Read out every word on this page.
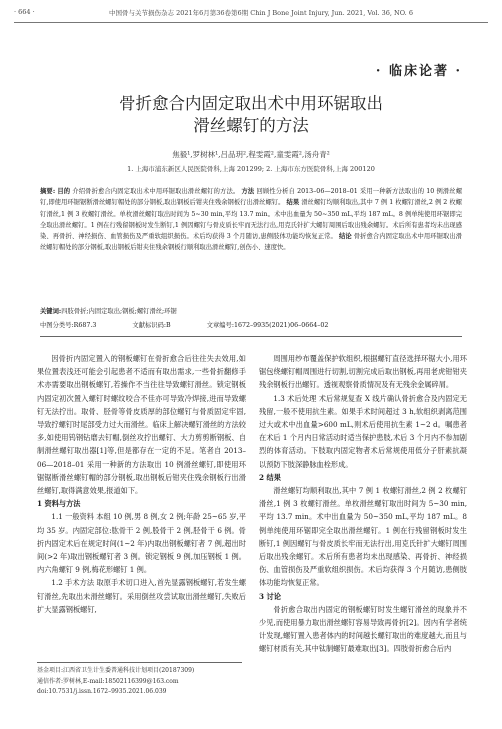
· 664 ·	中国骨与关节损伤杂志 2021年6月第36卷第6期 Chin J Bone Joint Injury, Jun. 2021, Vol. 36, NO. 6
· 临床论著 ·
骨折愈合内固定取出术中用环锯取出
滑丝螺钉的方法
焦毅¹,罗树林¹,吕品玥²,程雯霞²,童雯霞²,汤舟青²
1. 上海市浦东新区人民医院骨科,上海 201299; 2. 上海市东方医院骨科,上海 200120
摘要: 目的 介绍骨折愈合内固定取出术中用环锯取出滑丝螺钉的方法。 方法 回顾性分析自 2013–06—2018–01 采用一种新方法取出的 10 例滑丝螺钉,即使用环锯锯断滑丝螺钉帽处的部分钢板,取出钢板后钳夹住残余钢板行出滑丝螺钉。 结果 滑丝螺钉均顺利取出,其中 7 例 1 枚螺钉滑丝,2 例 2 枚螺钉滑丝,1 例 3 枚螺钉滑丝。单枚滑丝螺钉取出时间为 5~30 min,平均 13.7 min。术中出血量为 50~350 mL,平均 187 mL。8 例单纯使用环锯即完全取出滑丝螺钉。1 例在行残留钢板时发生断钉,1 例因螺钉与骨皮质长牢而无法行出,用克氏针扩大螺钉周围后取出残余螺钉。术后所有患者均未出现感染、再骨折、神经损伤、血管损伤及严重软组织损伤。术后均获得 3 个月随访,患侧肢体功能均恢复正常。 结论 骨折愈合内固定取出术中用环锯取出滑丝螺钉帽处的部分钢板,取出钢板后钳夹住残余钢板行顺利取出滑丝螺钉,创伤小、速度快。
关键词:四肢骨折;内固定取出;钢板;螺钉滑丝;环锯
中图分类号:R687.3	文献标识码:B	文章编号:1672–9935(2021)06–0664–02

因骨折内固定置入的钢板螺钉在骨折愈合后往往失去效用,如果位置表浅还可能会引起患者不适而有取出需求,一些骨折翻修手术亦需要取出钢板螺钉,若操作不当往往导致螺钉滑丝。锁定钢板内固定初次置入螺钉时螺纹咬合不佳亦可导致冷焊接,进而导致螺钉无法拧出。取骨、胫骨等骨皮质厚的部位螺钉与骨质固定牢固,导致拧螺钉时尾部受力过大而滑丝。临床上解决螺钉滑丝的方法较多,如使用钨钢钻磨去钉帽,倒丝攻拧出螺钉、大力剪剪断钢板、自制滑丝螺钉取出器[1]等,但是都存在一定的不足。笔者自 2013–06—2018–01 采用一种新的方法取出 10 例滑丝螺钉,即使用环锯锯断滑丝螺钉帽的部分钢板,取出钢板后钳夹住残余钢板行出滑丝螺钉,取得满意效果,报道如下。

1 资料与方法

1.1 一般资料 本组 10 例,男 8 例,女 2 例;年龄 25~65 岁,平均 35 岁。内固定部位:肱骨干 2 例,股骨干 2 例,胫骨干 6 例。骨折内固定术后在规定时间(1~2 年)内取出钢板螺钉者 7 例,超出时间(>2 年)取出钢板螺钉者 3 例。锁定钢板 9 例,加压钢板 1 例。内六角螺钉 9 例,梅花形螺钉 1 例。

1.2 手术方法 取原手术切口进入,首先显露钢板螺钉,若发生螺钉滑丝,先取出未滑丝螺钉。采用倒丝攻尝试取出滑丝螺钉,失败后扩大显露钢板螺钉,

周围用纱布覆盖保护软组织,根据螺钉直径选择环锯大小,用环锯包绕螺钉帽周围进行切割,切割完成后取出钢板,再用老虎钳钳夹残余钢板行出螺钉。透视观察骨质情况及有无残余金属碎屑。

1.3 术后处理 术后常规复查 X 线片确认骨折愈合及内固定无残留,一般不使用抗生素。如果手术时间超过 3 h,软组织剥离范围过大或术中出血量>600 mL,则术后使用抗生素 1~2 d。嘱患者在术后 1 个月内日常活动时适当保护患肢,术后 3 个月内不参加剧烈的体育活动。下肢取内固定物者术后常规使用低分子肝素抗凝以预防下肢深静脉血栓形成。

2 结果

滑丝螺钉均顺利取出,其中 7 例 1 枚螺钉滑丝,2 例 2 枚螺钉滑丝,1 例 3 枚螺钉滑丝。单枚滑丝螺钉取出时间为 5~30 min,平均 13.7 min。术中出血量为 50~350 mL,平均 187 mL。8 例单纯使用环锯即完全取出滑丝螺钉。1 例在行残留钢板时发生断钉,1 例因螺钉与骨皮质长牢而无法行出,用克氏针扩大螺钉周围后取出残余螺钉。术后所有患者均未出现感染、再骨折、神经损伤、血管损伤及严重软组织损伤。术后均获得 3 个月随访,患侧肢体功能均恢复正常。

3 讨论

骨折愈合取出内固定的钢板螺钉时发生螺钉滑丝的现象并不少见,而使用暴力取出滑丝螺钉容易导致再骨折[2]。因内有学者统计发现,螺钉置入患者体内的时间越长螺钉取出的难度越大,而且与螺钉材质有关,其中钛制螺钉最难取出[3]。四肢骨折愈合后内

基金项目:江西省卫生计生委普通科技计划项目(20187309)
通信作者:罗树林,E-mail:18502116399@163.com
doi:10.7531/j.issn.1672–9935.2021.06.039
